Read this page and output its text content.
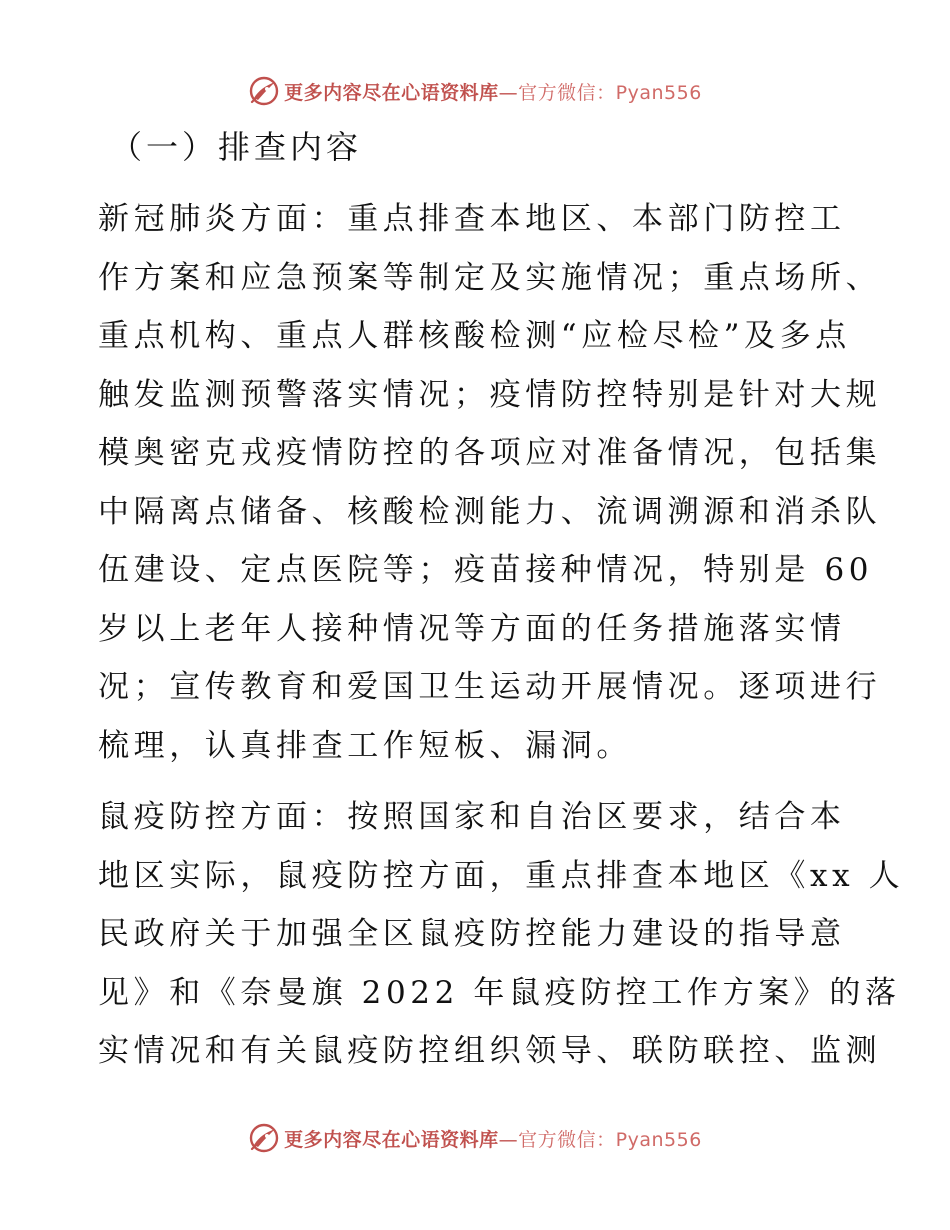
更多内容尽在心语资料库—官方微信：Pyan556
（一）排查内容
新冠肺炎方面：重点排查本地区、本部门防控工
作方案和应急预案等制定及实施情况；重点场所、
重点机构、重点人群核酸检测“应检尽检”及多点
触发监测预警落实情况；疫情防控特别是针对大规
模奥密克戎疫情防控的各项应对准备情况，包括集
中隔离点储备、核酸检测能力、流调溯源和消杀队
伍建设、定点医院等；疫苗接种情况，特别是 60
岁以上老年人接种情况等方面的任务措施落实情
况；宣传教育和爱国卫生运动开展情况。逐项进行
梳理，认真排查工作短板、漏洞。
鼠疫防控方面：按照国家和自治区要求，结合本
地区实际，鼠疫防控方面，重点排查本地区《xx 人
民政府关于加强全区鼠疫防控能力建设的指导意
见》和《奈曼旗 2022 年鼠疫防控工作方案》的落
实情况和有关鼠疫防控组织领导、联防联控、监测
更多内容尽在心语资料库—官方微信：Pyan556
